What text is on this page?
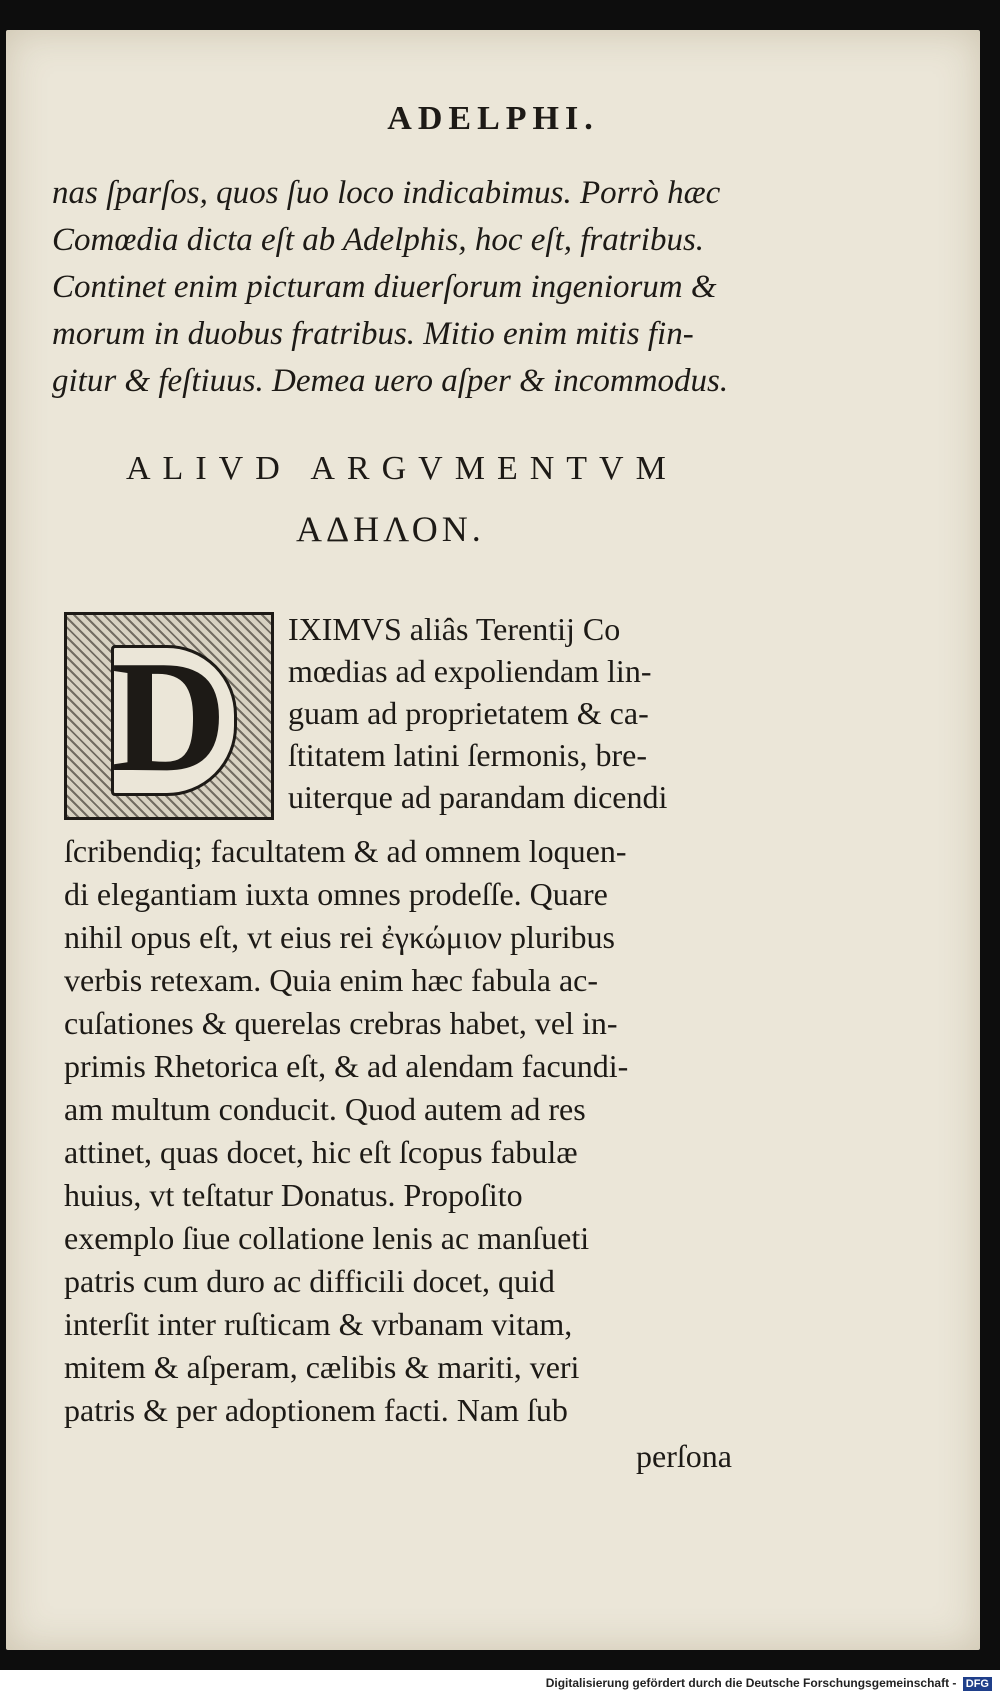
ADELPHI.
nas ſparſos, quos ſuo loco indicabimus. Porrò hæc
Comœdia dicta eſt ab Adelphis, hoc eſt, fratribus.
Continet enim picturam diuerſorum ingeniorum &
morum in duobus fratribus. Mitio enim mitis fin-
gitur & feſtiuus. Demea uero aſper & incommodus.
ALIVD ARGVMENTVM
ΑΔΗΛΟΝ.
D	IXIMVS aliâs Terentij Co
mœdias ad expoliendam lin-
guam ad proprietatem & ca-
ſtitatem latini ſermonis, bre-
uiterque ad parandam dicendi
ſcribendiq; facultatem & ad omnem loquen-
di elegantiam iuxta omnes prodeſſe. Quare
nihil opus eſt, vt eius rei ἐγκώμιον pluribus
verbis retexam. Quia enim hæc fabula ac-
cuſationes & querelas crebras habet, vel in-
primis Rhetorica eſt, & ad alendam facundi-
am multum conducit. Quod autem ad res
attinet, quas docet, hic eſt ſcopus fabulæ
huius, vt teſtatur Donatus. Propoſito
exemplo ſiue collatione lenis ac manſueti
patris cum duro ac difficili docet, quid
interſit inter ruſticam & vrbanam vitam,
mitem & aſperam, cælibis & mariti, veri
patris & per adoptionem facti. Nam ſub
perſona
Digitalisierung gefördert durch die Deutsche Forschungsgemeinschaft - DFG
